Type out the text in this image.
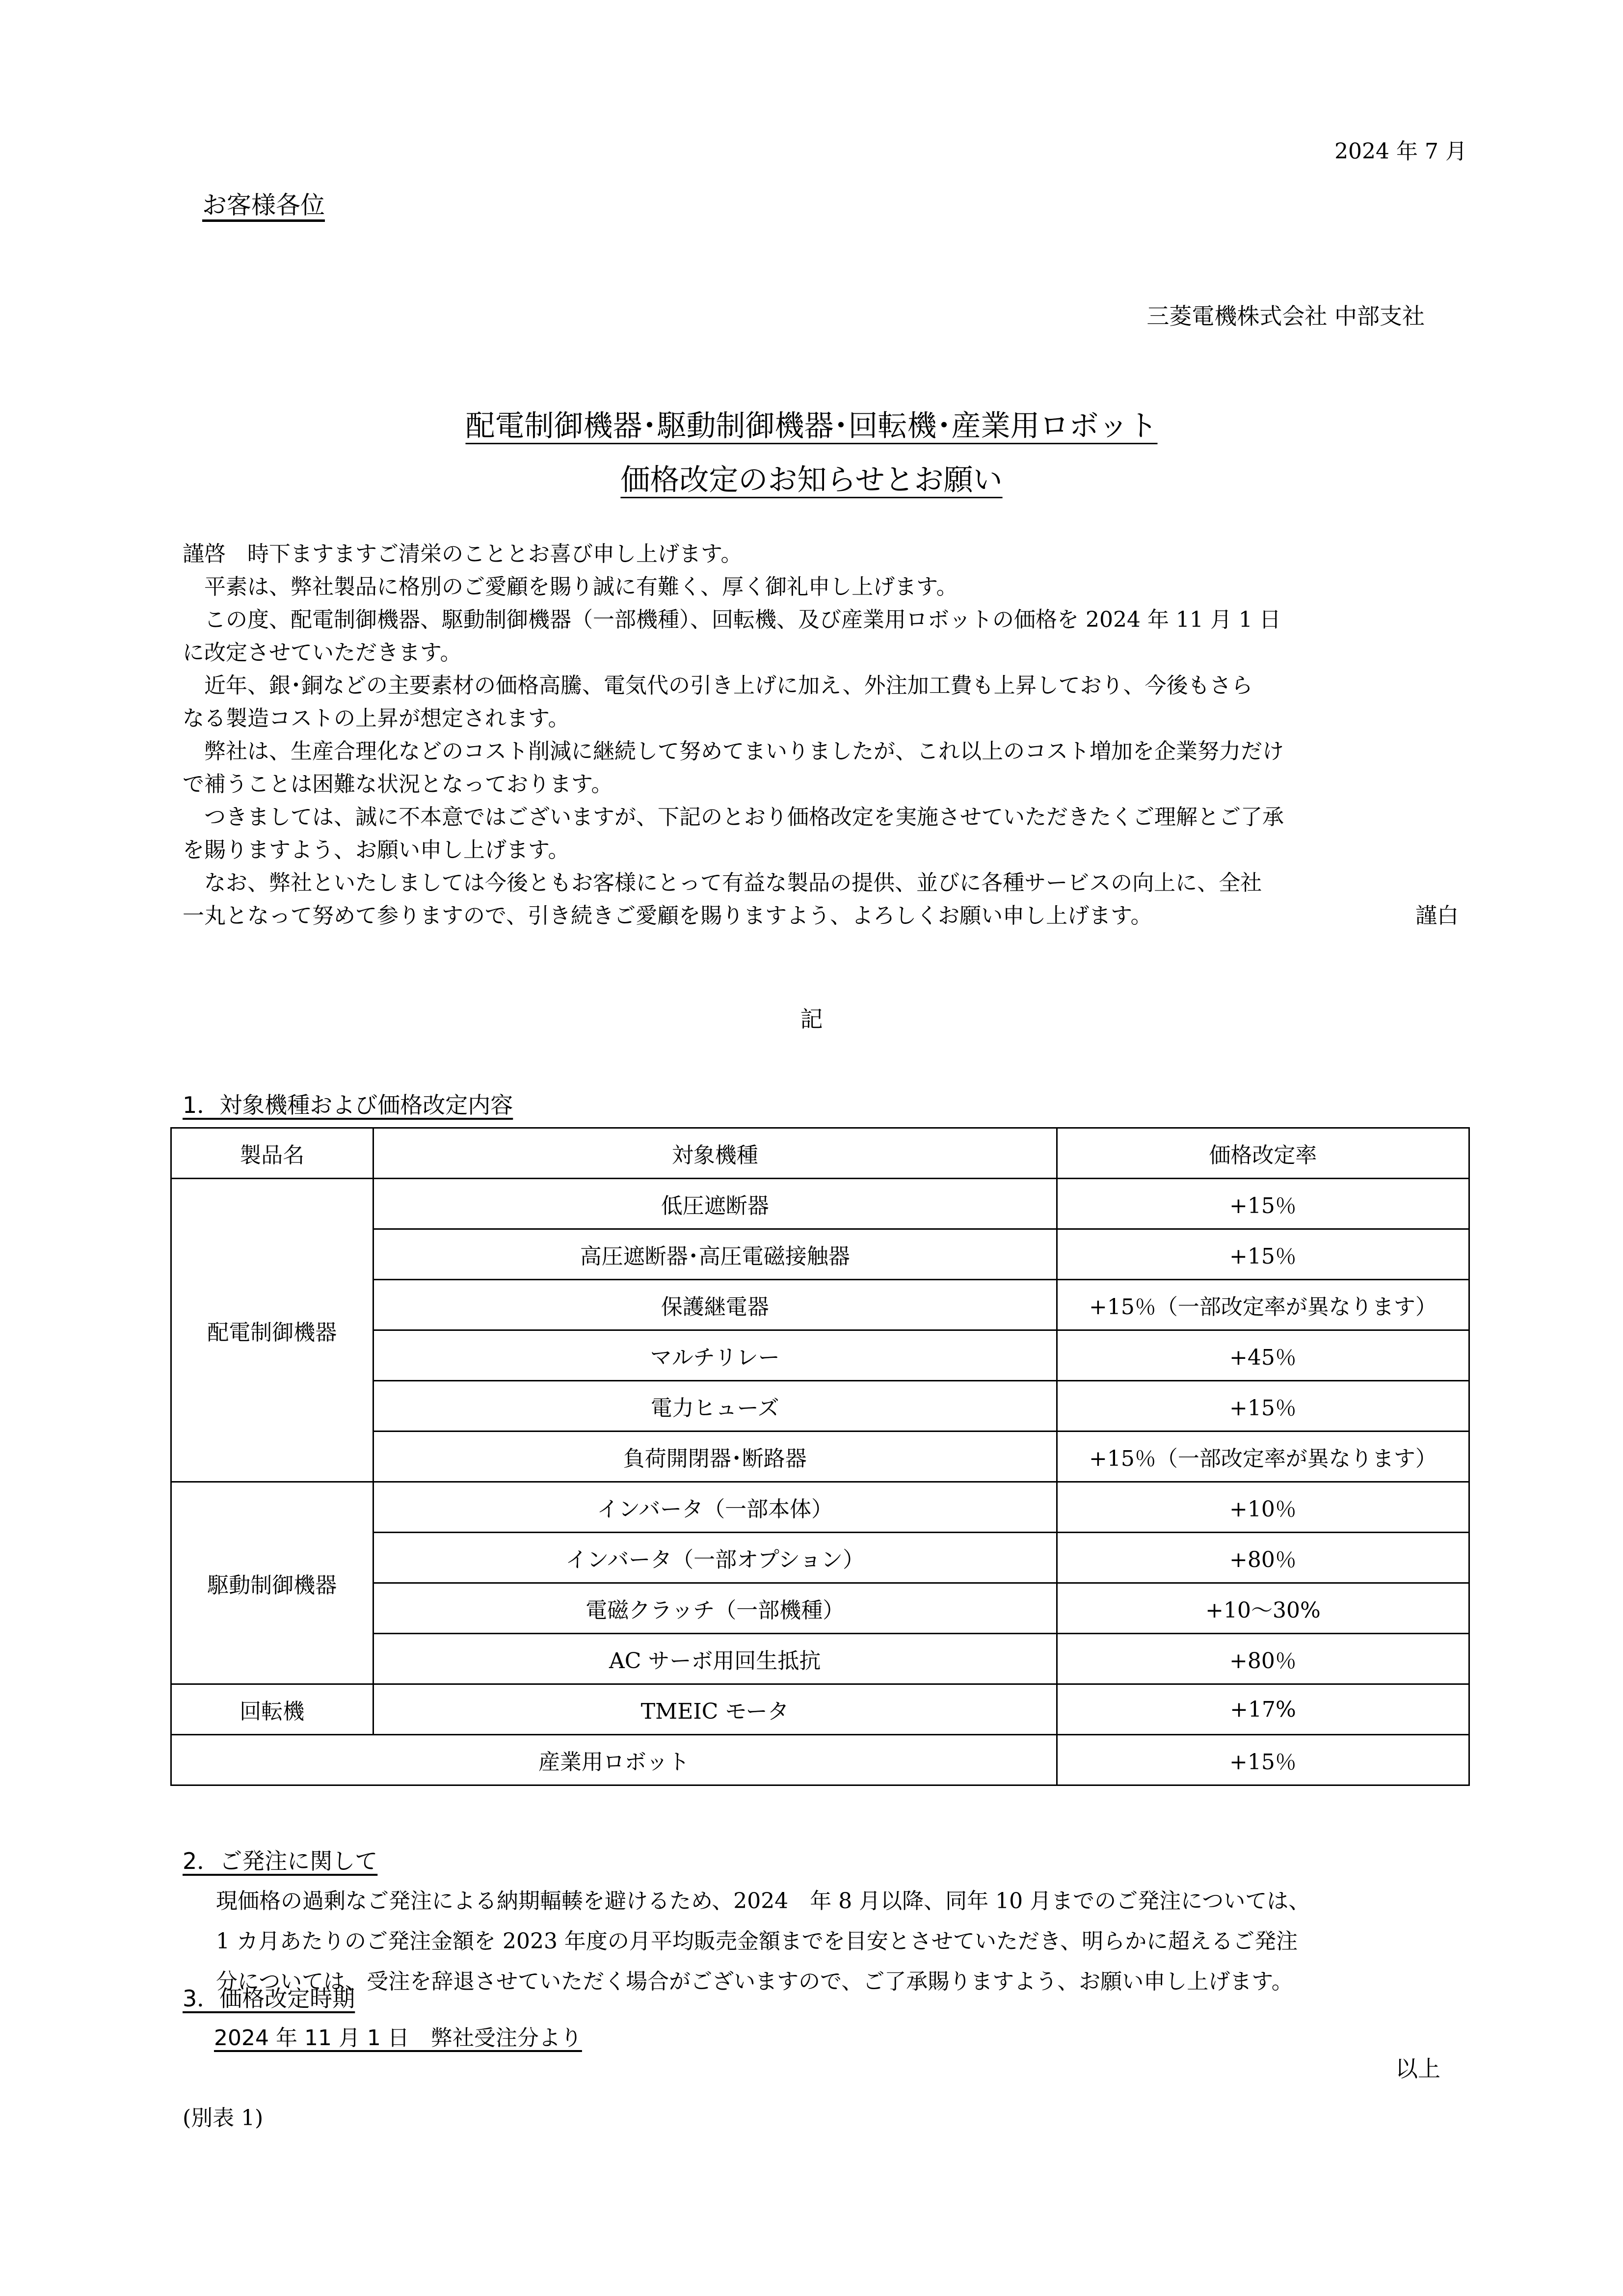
2024 年 7 月
お客様各位
三菱電機株式会社 中部支社
配電制御機器･駆動制御機器･回転機･産業用ロボット
価格改定のお知らせとお願い

謹啓　時下ますますご清栄のこととお喜び申し上げます。

　平素は、弊社製品に格別のご愛顧を賜り誠に有難く、厚く御礼申し上げます。

　この度、配電制御機器、駆動制御機器（一部機種）、回転機、及び産業用ロボットの価格を 2024 年 11 月 1 日

に改定させていただきます。

　近年、銀･銅などの主要素材の価格高騰、電気代の引き上げに加え、外注加工費も上昇しており、今後もさら

なる製造コストの上昇が想定されます。

　弊社は、生産合理化などのコスト削減に継続して努めてまいりましたが、これ以上のコスト増加を企業努力だけ

で補うことは困難な状況となっております。

　つきましては、誠に不本意ではございますが、下記のとおり価格改定を実施させていただきたくご理解とご了承

を賜りますよう、お願い申し上げます。

　なお、弊社といたしましては今後ともお客様にとって有益な製品の提供、並びに各種サービスの向上に、全社

一丸となって努めて参りますので、引き続きご愛顧を賜りますよう、よろしくお願い申し上げます。	謹白

記
1．対象機種および価格改定内容
製品名	対象機種	価格改定率
配電制御機器	低圧遮断器	+15％
	高圧遮断器･高圧電磁接触器	+15％
	保護継電器	+15％（一部改定率が異なります）
	マルチリレー	+45％
	電力ヒューズ	+15％
	負荷開閉器･断路器	+15％（一部改定率が異なります）
駆動制御機器	インバータ（一部本体）	+10％
	インバータ（一部オプション）	+80％
	電磁クラッチ（一部機種）	+10～30%
	AC サーボ用回生抵抗	+80％
回転機	TMEIC モータ	+17%
産業用ロボット		+15％
2．ご発注に関して

現価格の過剰なご発注による納期輻輳を避けるため、2024　年 8 月以降、同年 10 月までのご発注については、

1 カ月あたりのご発注金額を 2023 年度の月平均販売金額までを目安とさせていただき、明らかに超えるご発注

分については、受注を辞退させていただく場合がございますので、ご了承賜りますよう、お願い申し上げます。

3．価格改定時期
2024 年 11 月 1 日　弊社受注分より
以上
(別表 1)
